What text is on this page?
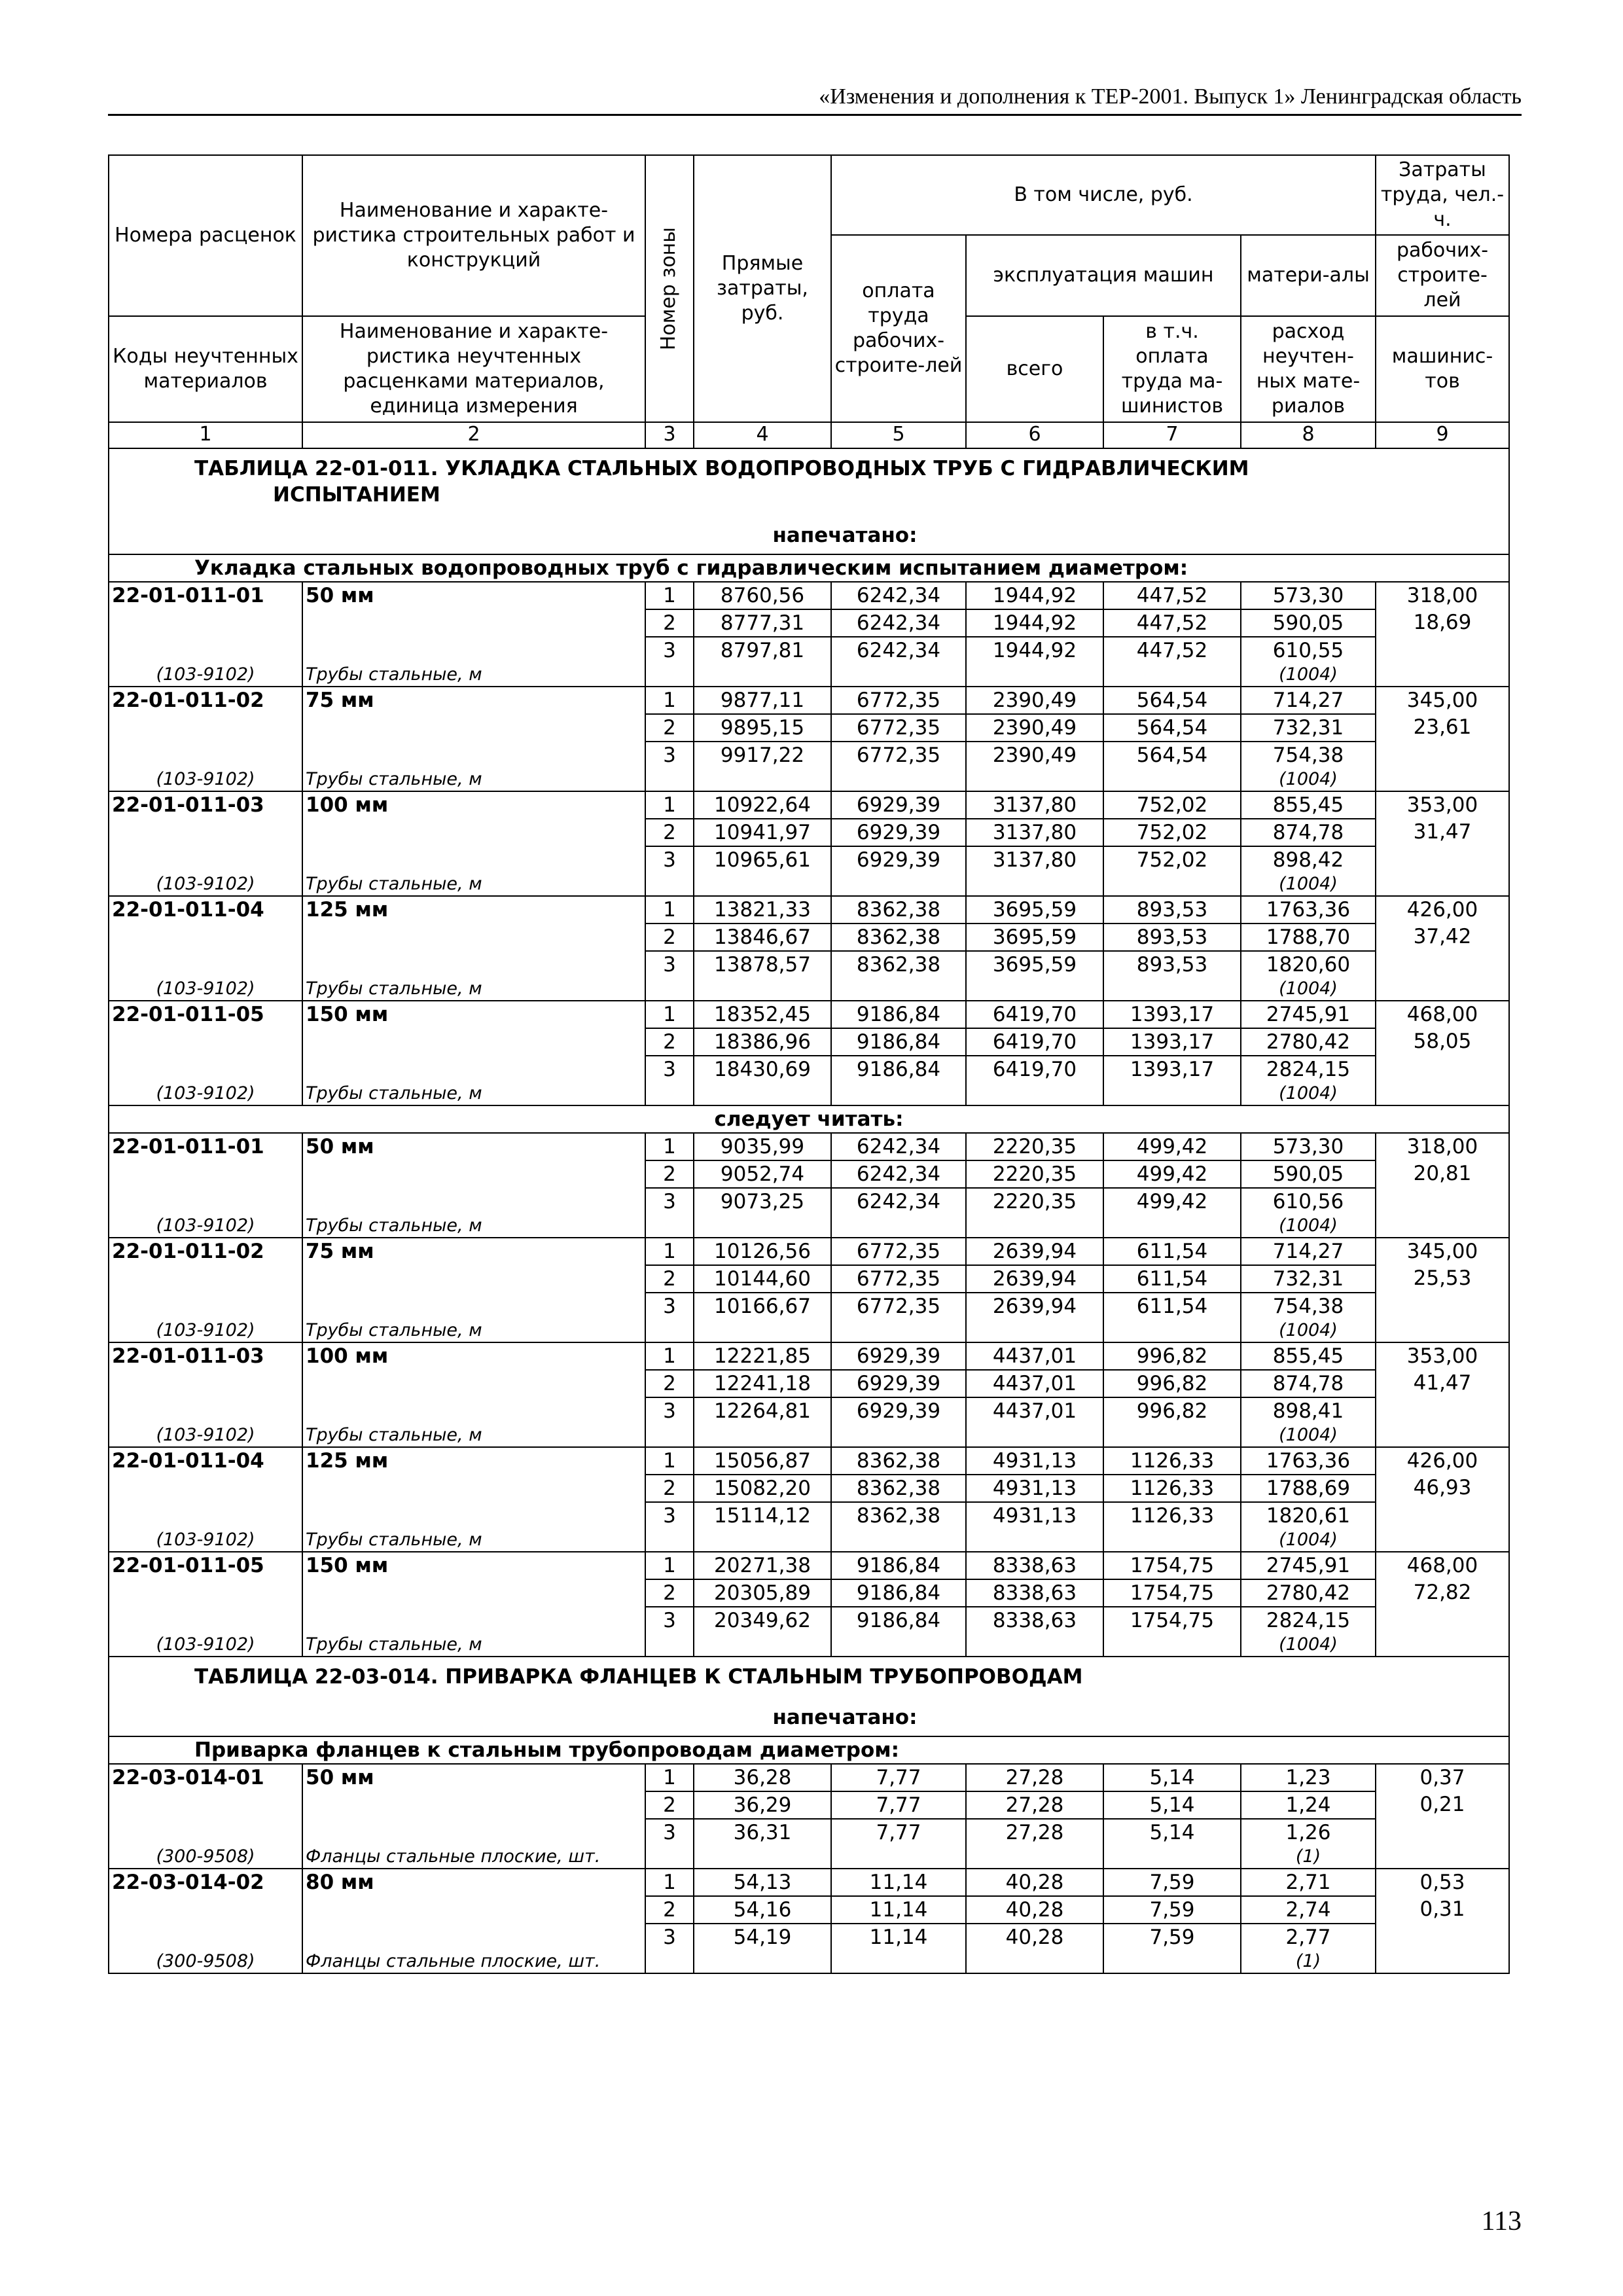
«Изменения и дополнения к ТЕР-2001. Выпуск 1» Ленинградская область
Номера расценок	Наименование и характе-ристика строительных работ и конструкций	Номер зоны	Прямые затраты, руб.	В том числе, руб.				Затраты труда, чел.-ч.
				оплата труда рабочих-строите-лей	эксплуатация машин		матери-алы	рабочих-строите-лей
Коды неучтенных материалов	Наименование и характе-ристика неучтенных расценками материалов, единица измерения				всего	в т.ч. оплата труда ма-шинистов	расход неучтен-ных мате-риалов	машинис-тов
1	2	3	4	5	6	7	8	9

ТАБЛИЦА 22-01-011. УКЛАДКА СТАЛЬНЫХ ВОДОПРОВОДНЫХ ТРУБ С ГИДРАВЛИЧЕСКИМ
ИСПЫТАНИЕМ
напечатано:								

Укладка стальных водопроводных труб с гидравлическим испытанием диаметром:								
22-01-011-01	50 мм	1	8760,56	6242,34	1944,92	447,52	573,30	318,00
		2	8777,31	6242,34	1944,92	447,52	590,05	18,69
		3	8797,81	6242,34	1944,92	447,52	610,55	
(103-9102)	Трубы стальные, м						(1004)	
22-01-011-02	75 мм	1	9877,11	6772,35	2390,49	564,54	714,27	345,00
		2	9895,15	6772,35	2390,49	564,54	732,31	23,61
		3	9917,22	6772,35	2390,49	564,54	754,38	
(103-9102)	Трубы стальные, м						(1004)	
22-01-011-03	100 мм	1	10922,64	6929,39	3137,80	752,02	855,45	353,00
		2	10941,97	6929,39	3137,80	752,02	874,78	31,47
		3	10965,61	6929,39	3137,80	752,02	898,42	
(103-9102)	Трубы стальные, м						(1004)	
22-01-011-04	125 мм	1	13821,33	8362,38	3695,59	893,53	1763,36	426,00
		2	13846,67	8362,38	3695,59	893,53	1788,70	37,42
		3	13878,57	8362,38	3695,59	893,53	1820,60	
(103-9102)	Трубы стальные, м						(1004)	
22-01-011-05	150 мм	1	18352,45	9186,84	6419,70	1393,17	2745,91	468,00
		2	18386,96	9186,84	6419,70	1393,17	2780,42	58,05
		3	18430,69	9186,84	6419,70	1393,17	2824,15	
(103-9102)	Трубы стальные, м						(1004)	
следует читать:								
22-01-011-01	50 мм	1	9035,99	6242,34	2220,35	499,42	573,30	318,00
		2	9052,74	6242,34	2220,35	499,42	590,05	20,81
		3	9073,25	6242,34	2220,35	499,42	610,56	
(103-9102)	Трубы стальные, м						(1004)	
22-01-011-02	75 мм	1	10126,56	6772,35	2639,94	611,54	714,27	345,00
		2	10144,60	6772,35	2639,94	611,54	732,31	25,53
		3	10166,67	6772,35	2639,94	611,54	754,38	
(103-9102)	Трубы стальные, м						(1004)	
22-01-011-03	100 мм	1	12221,85	6929,39	4437,01	996,82	855,45	353,00
		2	12241,18	6929,39	4437,01	996,82	874,78	41,47
		3	12264,81	6929,39	4437,01	996,82	898,41	
(103-9102)	Трубы стальные, м						(1004)	
22-01-011-04	125 мм	1	15056,87	8362,38	4931,13	1126,33	1763,36	426,00
		2	15082,20	8362,38	4931,13	1126,33	1788,69	46,93
		3	15114,12	8362,38	4931,13	1126,33	1820,61	
(103-9102)	Трубы стальные, м						(1004)	
22-01-011-05	150 мм	1	20271,38	9186,84	8338,63	1754,75	2745,91	468,00
		2	20305,89	9186,84	8338,63	1754,75	2780,42	72,82
		3	20349,62	9186,84	8338,63	1754,75	2824,15	
(103-9102)	Трубы стальные, м						(1004)	

ТАБЛИЦА 22-03-014. ПРИВАРКА ФЛАНЦЕВ К СТАЛЬНЫМ ТРУБОПРОВОДАМ
напечатано:								

Приварка фланцев к стальным трубопроводам диаметром:								
22-03-014-01	50 мм	1	36,28	7,77	27,28	5,14	1,23	0,37
		2	36,29	7,77	27,28	5,14	1,24	0,21
		3	36,31	7,77	27,28	5,14	1,26	
(300-9508)	Фланцы стальные плоские, шт.						(1)	
22-03-014-02	80 мм	1	54,13	11,14	40,28	7,59	2,71	0,53
		2	54,16	11,14	40,28	7,59	2,74	0,31
		3	54,19	11,14	40,28	7,59	2,77	
(300-9508)	Фланцы стальные плоские, шт.						(1)	
113
